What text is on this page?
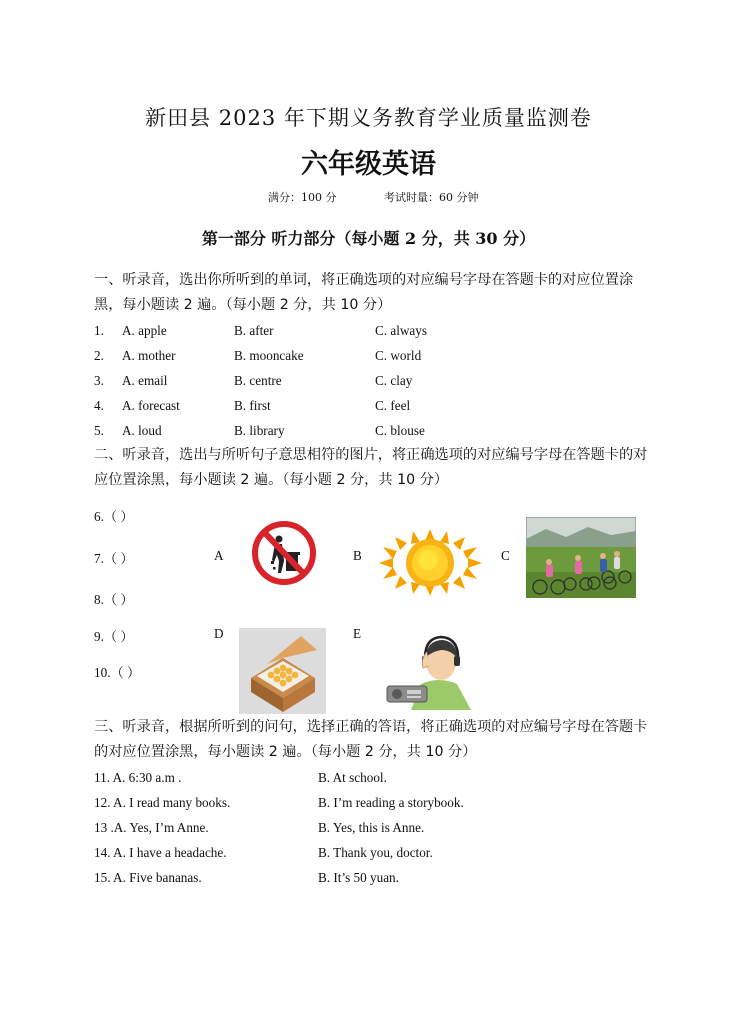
新田县 2023 年下期义务教育学业质量监测卷
六年级英语
满分：100 分	考试时量：60 分钟
第一部分 听力部分（每小题 2 分，共 30 分）
一、听录音，选出你所听到的单词，将正确选项的对应编号字母在答题卡的对应位置涂黑，每小题读 2 遍。（每小题 2 分，共 10 分）
1. A. apple	B. after	C. always
2. A. mother	B. mooncake	C. world
3. A. email	B. centre	C. clay
4. A. forecast	B. first	C. feel
5. A. loud	B. library	C. blouse
二、听录音，选出与所听句子意思相符的图片，将正确选项的对应编号字母在答题卡的对应位置涂黑，每小题读 2 遍。（每小题 2 分，共 10 分）
6.（ ）
7.（ ）
8.（ ）
9.（ ）
10.（ ）
A	B	C
D	E
三、听录音，根据所听到的问句，选择正确的答语，将正确选项的对应编号字母在答题卡的对应位置涂黑，每小题读 2 遍。（每小题 2 分，共 10 分）
11. A. 6:30 a.m .	B. At school.
12. A. I read many books.	B. I’m reading a storybook.
13 .A. Yes, I’m Anne.	B. Yes, this is Anne.
14. A. I have a headache.	B. Thank you, doctor.
15. A. Five bananas.	B. It’s 50 yuan.
